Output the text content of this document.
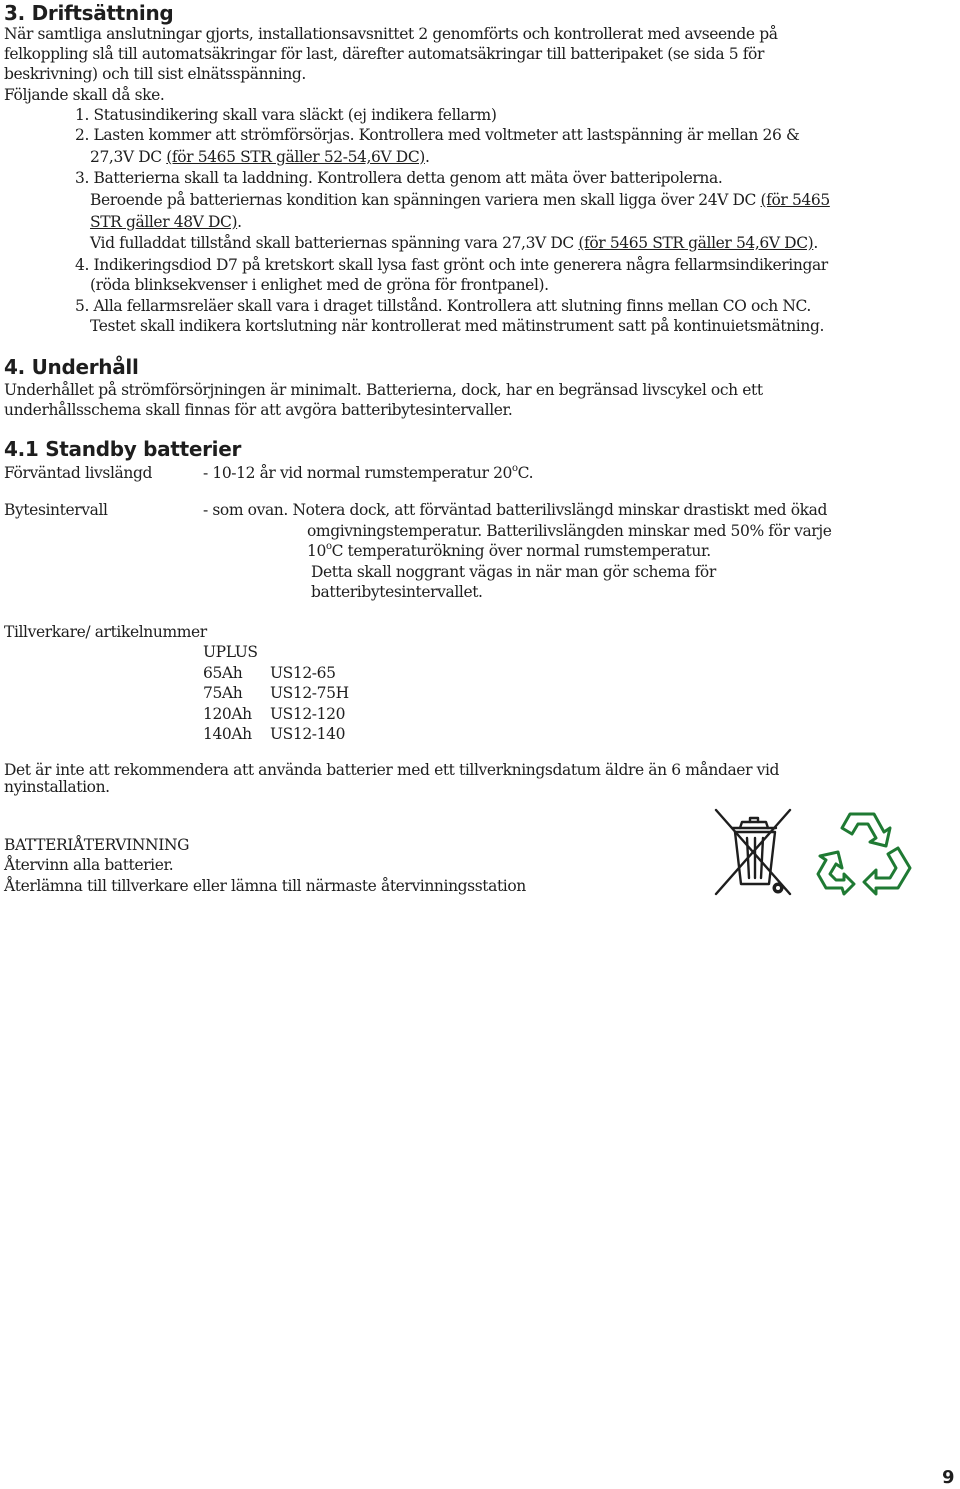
3. Driftsättning
När samtliga anslutningar gjorts, installationsavsnittet 2 genomförts och kontrollerat med avseende på
felkoppling slå till automatsäkringar för last, därefter automatsäkringar till batteripaket (se sida 5 för
beskrivning) och till sist elnätsspänning.
Följande skall då ske.
1. Statusindikering skall vara släckt (ej indikera fellarm)
2. Lasten kommer att strömförsörjas. Kontrollera med voltmeter att lastspänning är mellan 26 &
27,3V DC (för 5465 STR gäller 52-54,6V DC).
3. Batterierna skall ta laddning. Kontrollera detta genom att mäta över batteripolerna.
Beroende på batteriernas kondition kan spänningen variera men skall ligga över 24V DC (för 5465
STR gäller 48V DC).
Vid fulladdat tillstånd skall batteriernas spänning vara 27,3V DC (för 5465 STR gäller 54,6V DC).
4. Indikeringsdiod D7 på kretskort skall lysa fast grönt och inte generera några fellarmsindikeringar
(röda blinksekvenser i enlighet med de gröna för frontpanel).
5. Alla fellarmsreläer skall vara i draget tillstånd. Kontrollera att slutning finns mellan CO och NC.
Testet skall indikera kortslutning när kontrollerat med mätinstrument satt på kontinuietsmätning.
4. Underhåll
Underhållet på strömförsörjningen är minimalt. Batterierna, dock, har en begränsad livscykel och ett
underhållsschema skall finnas för att avgöra batteribytesintervaller.
4.1 Standby batterier
Förväntad livslängd	- 10-12 år vid normal rumstemperatur 20$^o$C.
Bytesintervall	- som ovan. Notera dock, att förväntad batterilivslängd minskar drastiskt med ökad
omgivningstemperatur. Batterilivslängden minskar med 50% för varje
10$^o$C temperaturökning över normal rumstemperatur.
Detta skall noggrant vägas in när man gör schema för
batteribytesintervallet.
Tillverkare/ artikelnummer
UPLUS
65Ah US12-65
75Ah US12-75H
120Ah US12-120
140Ah US12-140
Det är inte att rekommendera att använda batterier med ett tillverkningsdatum äldre än 6 måndaer vid
nyinstallation.
BATTERIÅTERVINNING
Återvinn alla batterier.
Återlämna till tillverkare eller lämna till närmaste återvinningsstation
9
